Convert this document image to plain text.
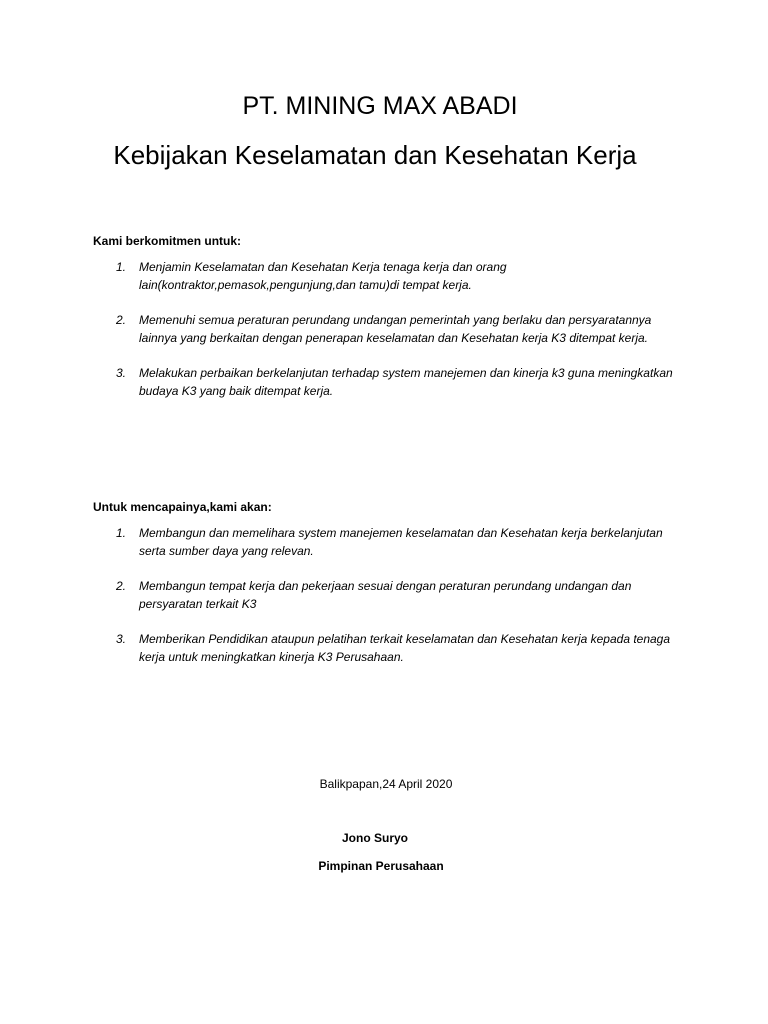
PT. MINING MAX ABADI
Kebijakan Keselamatan dan Kesehatan Kerja

Kami berkomitmen untuk:

1. Menjamin Keselamatan dan Kesehatan Kerja tenaga kerja dan orang lain(kontraktor,pemasok,pengunjung,dan tamu)di tempat kerja.
2. Memenuhi semua peraturan perundang undangan pemerintah yang berlaku dan persyaratannya lainnya yang berkaitan dengan penerapan keselamatan dan Kesehatan kerja K3 ditempat kerja.
3. Melakukan perbaikan berkelanjutan terhadap system manejemen dan kinerja k3 guna meningkatkan budaya K3 yang baik ditempat kerja.

Untuk mencapainya,kami akan:

1. Membangun dan memelihara system manejemen keselamatan dan Kesehatan kerja berkelanjutan serta sumber daya yang relevan.
2. Membangun tempat kerja dan pekerjaan sesuai dengan peraturan perundang undangan dan persyaratan terkait K3
3. Memberikan Pendidikan ataupun pelatihan terkait keselamatan dan Kesehatan kerja kepada tenaga kerja untuk meningkatkan kinerja K3 Perusahaan.

Balikpapan,24 April 2020

Jono Suryo

Pimpinan Perusahaan
